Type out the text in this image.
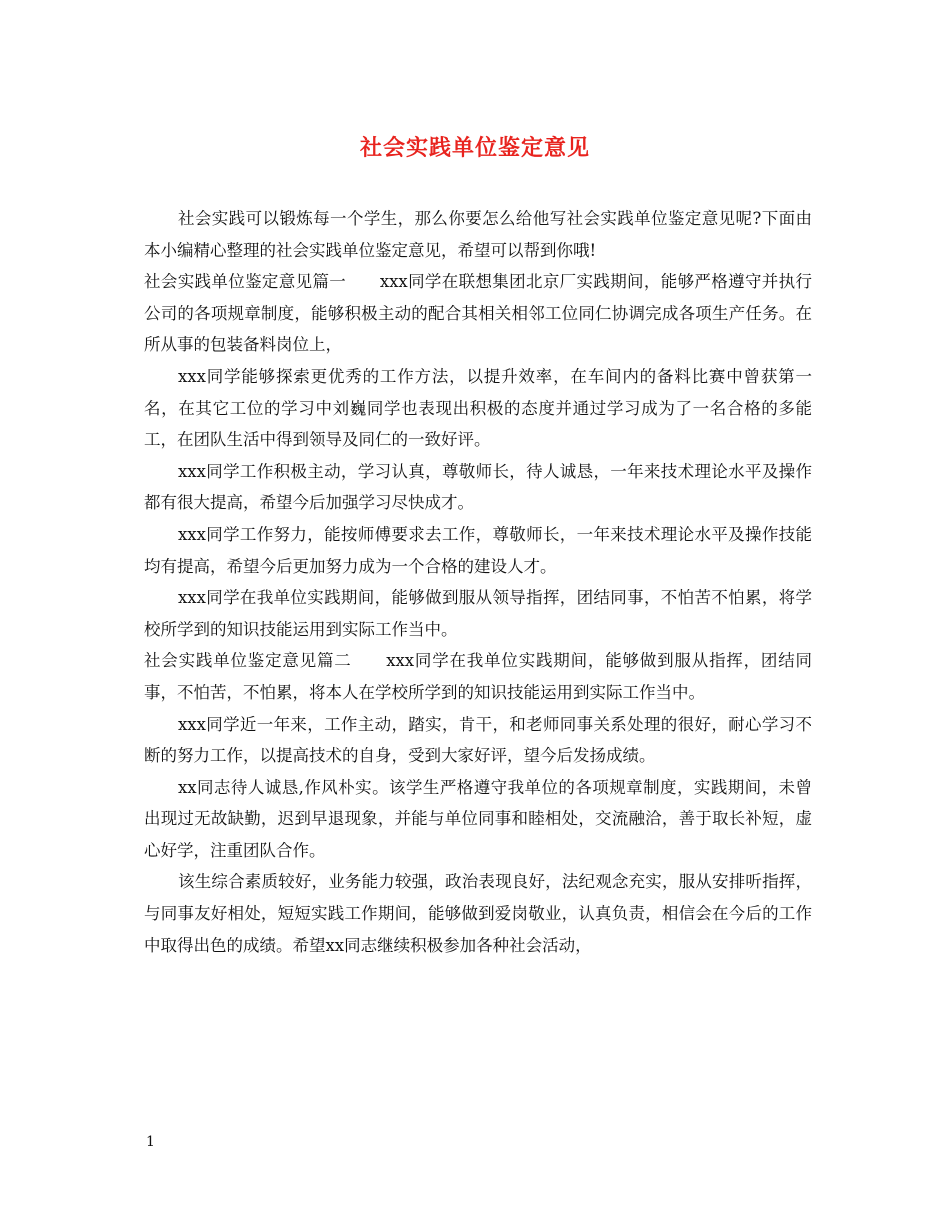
社会实践单位鉴定意见

社会实践可以锻炼每一个学生，那么你要怎么给他写社会实践单位鉴定意见呢?下面由本小编精心整理的社会实践单位鉴定意见，希望可以帮到你哦!

社会实践单位鉴定意见篇一　　xxx同学在联想集团北京厂实践期间，能够严格遵守并执行公司的各项规章制度，能够积极主动的配合其相关相邻工位同仁协调完成各项生产任务。在所从事的包装备料岗位上，

xxx同学能够探索更优秀的工作方法，以提升效率，在车间内的备料比赛中曾获第一名，在其它工位的学习中刘巍同学也表现出积极的态度并通过学习成为了一名合格的多能工，在团队生活中得到领导及同仁的一致好评。

xxx同学工作积极主动，学习认真，尊敬师长，待人诚恳，一年来技术理论水平及操作都有很大提高，希望今后加强学习尽快成才。

xxx同学工作努力，能按师傅要求去工作，尊敬师长，一年来技术理论水平及操作技能均有提高，希望今后更加努力成为一个合格的建设人才。

xxx同学在我单位实践期间，能够做到服从领导指挥，团结同事，不怕苦不怕累，将学校所学到的知识技能运用到实际工作当中。

社会实践单位鉴定意见篇二　　xxx同学在我单位实践期间，能够做到服从指挥，团结同事，不怕苦，不怕累，将本人在学校所学到的知识技能运用到实际工作当中。

xxx同学近一年来，工作主动，踏实，肯干，和老师同事关系处理的很好，耐心学习不断的努力工作，以提高技术的自身，受到大家好评，望今后发扬成绩。

xx同志待人诚恳,作风朴实。该学生严格遵守我单位的各项规章制度，实践期间，未曾出现过无故缺勤，迟到早退现象，并能与单位同事和睦相处，交流融洽，善于取长补短，虚心好学，注重团队合作。

该生综合素质较好，业务能力较强，政治表现良好，法纪观念充实，服从安排听指挥，与同事友好相处，短短实践工作期间，能够做到爱岗敬业，认真负责，相信会在今后的工作中取得出色的成绩。希望xx同志继续积极参加各种社会活动，

1
